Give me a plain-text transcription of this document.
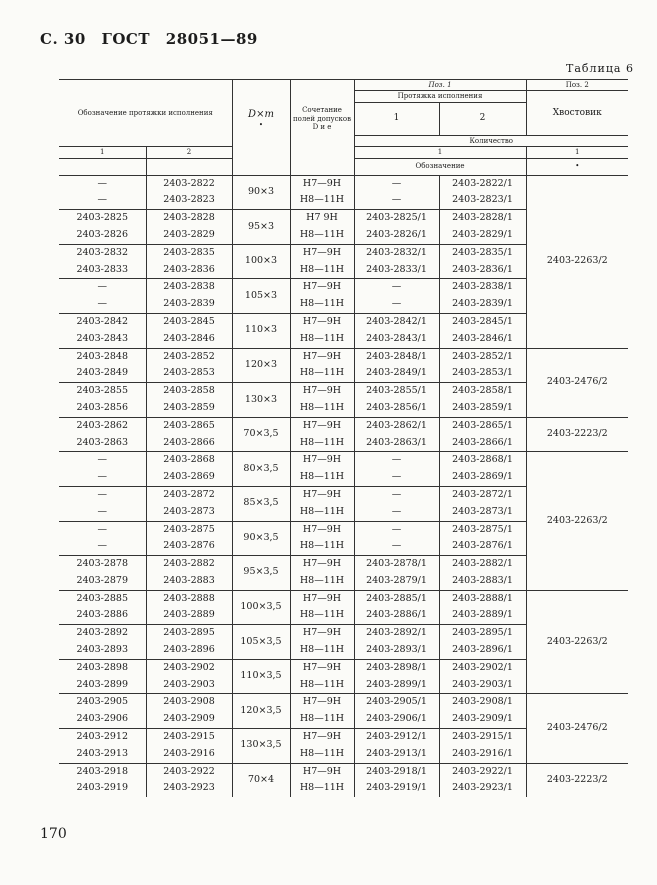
С. 30 ГОСТ 28051—89
Таблица 6
Обозначение протяжки исполнения		D×m
•	Сочетание полей допусков D и e	Поз. 1		Поз. 2
				Протяжка исполнения		Хвостовик
				1	2	
				Количество		
1	2			1		1
				Обозначение		•
—	2403-2822	90×3	H7—9H	—	2403-2822/1	2403-2263/2
—	2403-2823		H8—11H	—	2403-2823/1	
2403-2825	2403-2828	95×3	H7 9H	2403-2825/1	2403-2828/1	
2403-2826	2403-2829		H8—11H	2403-2826/1	2403-2829/1	
2403-2832	2403-2835	100×3	H7—9H	2403-2832/1	2403-2835/1	
2403-2833	2403-2836		H8—11H	2403-2833/1	2403-2836/1	
—	2403-2838	105×3	H7—9H	—	2403-2838/1	
—	2403-2839		H8—11H	—	2403-2839/1	
2403-2842	2403-2845	110×3	H7—9H	2403-2842/1	2403-2845/1	
2403-2843	2403-2846		H8—11H	2403-2843/1	2403-2846/1	
2403-2848	2403-2852	120×3	H7—9H	2403-2848/1	2403-2852/1	2403-2476/2
2403-2849	2403-2853		H8—11H	2403-2849/1	2403-2853/1	
2403-2855	2403-2858	130×3	H7—9H	2403-2855/1	2403-2858/1	
2403-2856	2403-2859		H8—11H	2403-2856/1	2403-2859/1	
2403-2862	2403-2865	70×3,5	H7—9H	2403-2862/1	2403-2865/1	2403-2223/2
2403-2863	2403-2866		H8—11H	2403-2863/1	2403-2866/1	
—	2403-2868	80×3,5	H7—9H	—	2403-2868/1	2403-2263/2
—	2403-2869		H8—11H	—	2403-2869/1	
—	2403-2872	85×3,5	H7—9H	—	2403-2872/1	
—	2403-2873		H8—11H	—	2403-2873/1	
—	2403-2875	90×3,5	H7—9H	—	2403-2875/1	
—	2403-2876		H8—11H	—	2403-2876/1	
2403-2878	2403-2882	95×3,5	H7—9H	2403-2878/1	2403-2882/1	
2403-2879	2403-2883		H8—11H	2403-2879/1	2403-2883/1	
2403-2885	2403-2888	100×3,5	H7—9H	2403-2885/1	2403-2888/1	2403-2263/2
2403-2886	2403-2889		H8—11H	2403-2886/1	2403-2889/1	
2403-2892	2403-2895	105×3,5	H7—9H	2403-2892/1	2403-2895/1	
2403-2893	2403-2896		H8—11H	2403-2893/1	2403-2896/1	
2403-2898	2403-2902	110×3,5	H7—9H	2403-2898/1	2403-2902/1	
2403-2899	2403-2903		H8—11H	2403-2899/1	2403-2903/1	
2403-2905	2403-2908	120×3,5	H7—9H	2403-2905/1	2403-2908/1	2403-2476/2
2403-2906	2403-2909		H8—11H	2403-2906/1	2403-2909/1	
2403-2912	2403-2915	130×3,5	H7—9H	2403-2912/1	2403-2915/1	
2403-2913	2403-2916		H8—11H	2403-2913/1	2403-2916/1	
2403-2918	2403-2922	70×4	H7—9H	2403-2918/1	2403-2922/1	2403-2223/2
2403-2919	2403-2923		H8—11H	2403-2919/1	2403-2923/1	
170
